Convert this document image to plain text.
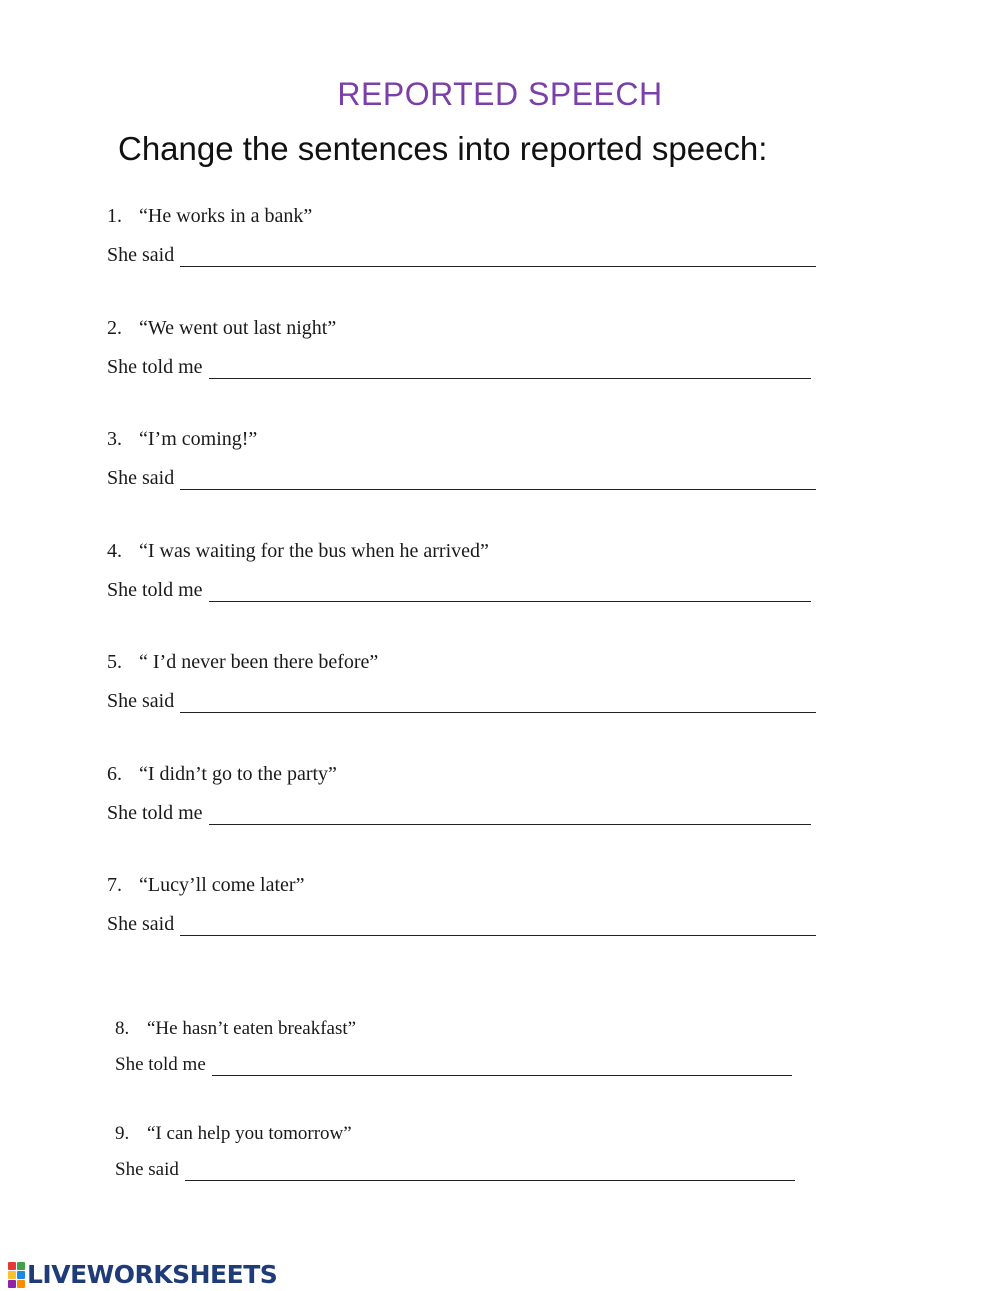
REPORTED SPEECH
Change the sentences into reported speech:
1. “He works in a bank”
She said
2. “We went out last night”
She told me
3. “I’m coming!”
She said
4. “I was waiting for the bus when he arrived”
She told me
5. “ I’d never been there before”
She said
6. “I didn’t go to the party”
She told me
7. “Lucy’ll come later”
She said
8. “He hasn’t eaten breakfast”
She told me
9. “I can help you tomorrow”
She said
LIVEWORKSHEETS
